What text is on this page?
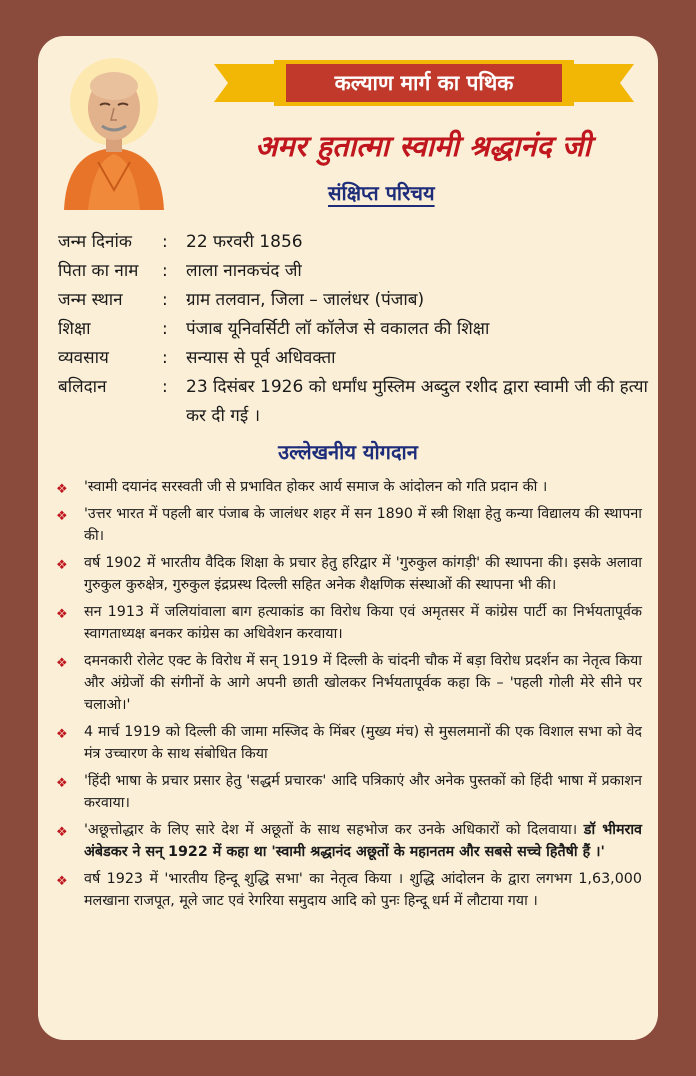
कल्याण मार्ग का पथिक
अमर हुतात्मा स्वामी श्रद्धानंद जी
संक्षिप्त परिचय
जन्म दिनांक	:	22 फरवरी 1856
पिता का नाम	:	लाला नानकचंद जी
जन्म स्थान	:	ग्राम तलवान, जिला – जालंधर (पंजाब)
शिक्षा	:	पंजाब यूनिवर्सिटी लॉ कॉलेज से वकालत की शिक्षा
व्यवसाय	:	सन्यास से पूर्व अधिवक्ता
बलिदान	:	23 दिसंबर 1926 को धर्मांध मुस्लिम अब्दुल रशीद द्वारा स्वामी जी की हत्या कर दी गई ।
उल्लेखनीय योगदान
❖	'स्वामी दयानंद सरस्वती जी से प्रभावित होकर आर्य समाज के आंदोलन को गति प्रदान की ।
❖	'उत्तर भारत में पहली बार पंजाब के जालंधर शहर में सन 1890 में स्त्री शिक्षा हेतु कन्या विद्यालय की स्थापना की।
❖	वर्ष 1902 में भारतीय वैदिक शिक्षा के प्रचार हेतु हरिद्वार में 'गुरुकुल कांगड़ी' की स्थापना की। इसके अलावा गुरुकुल कुरुक्षेत्र, गुरुकुल इंद्रप्रस्थ दिल्ली सहित अनेक शैक्षणिक संस्थाओं की स्थापना भी की।
❖	सन 1913 में जलियांवाला बाग हत्याकांड का विरोध किया एवं अमृतसर में कांग्रेस पार्टी का निर्भयतापूर्वक स्वागताध्यक्ष बनकर कांग्रेस का अधिवेशन करवाया।
❖	दमनकारी रोलेट एक्ट के विरोध में सन् 1919 में दिल्ली के चांदनी चौक में बड़ा विरोध प्रदर्शन का नेतृत्व किया और अंग्रेजों की संगीनों के आगे अपनी छाती खोलकर निर्भयतापूर्वक कहा कि – 'पहली गोली मेरे सीने पर चलाओ।'
❖	4 मार्च 1919 को दिल्ली की जामा मस्जिद के मिंबर (मुख्य मंच) से मुसलमानों की एक विशाल सभा को वेद मंत्र उच्चारण के साथ संबोधित किया
❖	'हिंदी भाषा के प्रचार प्रसार हेतु 'सद्धर्म प्रचारक' आदि पत्रिकाएं और अनेक पुस्तकों को हिंदी भाषा में प्रकाशन करवाया।
❖	'अछूत्तोद्धार के लिए सारे देश में अछूतों के साथ सहभोज कर उनके अधिकारों को दिलवाया। डॉ भीमराव अंबेडकर ने सन् 1922 में कहा था 'स्वामी श्रद्धानंद अछूतों के महानतम और सबसे सच्चे हितैषी हैं ।'
❖	वर्ष 1923 में 'भारतीय हिन्दू शुद्धि सभा' का नेतृत्व किया । शुद्धि आंदोलन के द्वारा लगभग 1,63,000 मलखाना राजपूत, मूले जाट एवं रेगरिया समुदाय आदि को पुनः हिन्दू धर्म में लौटाया गया ।
